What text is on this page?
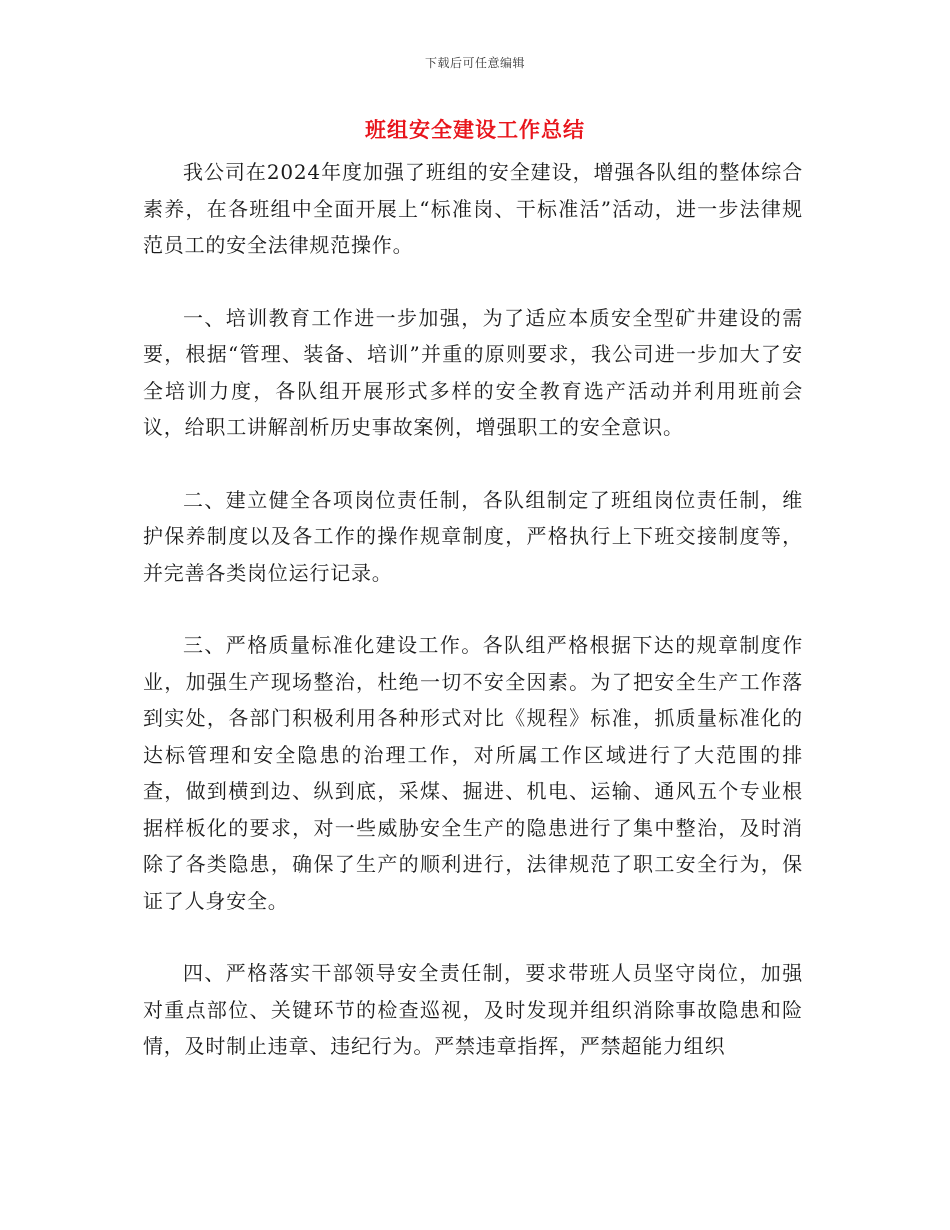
下载后可任意编辑
班组安全建设工作总结

我公司在2024年度加强了班组的安全建设，增强各队组的整体综合素养，在各班组中全面开展上“标准岗、干标准活”活动，进一步法律规范员工的安全法律规范操作。

一、培训教育工作进一步加强，为了适应本质安全型矿井建设的需要，根据“管理、装备、培训”并重的原则要求，我公司进一步加大了安全培训力度，各队组开展形式多样的安全教育选产活动并利用班前会议，给职工讲解剖析历史事故案例，增强职工的安全意识。

二、建立健全各项岗位责任制，各队组制定了班组岗位责任制，维护保养制度以及各工作的操作规章制度，严格执行上下班交接制度等，并完善各类岗位运行记录。

三、严格质量标准化建设工作。各队组严格根据下达的规章制度作业，加强生产现场整治，杜绝一切不安全因素。为了把安全生产工作落到实处，各部门积极利用各种形式对比《规程》标准，抓质量标准化的达标管理和安全隐患的治理工作，对所属工作区域进行了大范围的排查，做到横到边、纵到底，采煤、掘进、机电、运输、通风五个专业根据样板化的要求，对一些威胁安全生产的隐患进行了集中整治，及时消除了各类隐患，确保了生产的顺利进行，法律规范了职工安全行为，保证了人身安全。

四、严格落实干部领导安全责任制，要求带班人员坚守岗位，加强对重点部位、关键环节的检查巡视，及时发现并组织消除事故隐患和险情，及时制止违章、违纪行为。严禁违章指挥，严禁超能力组织
